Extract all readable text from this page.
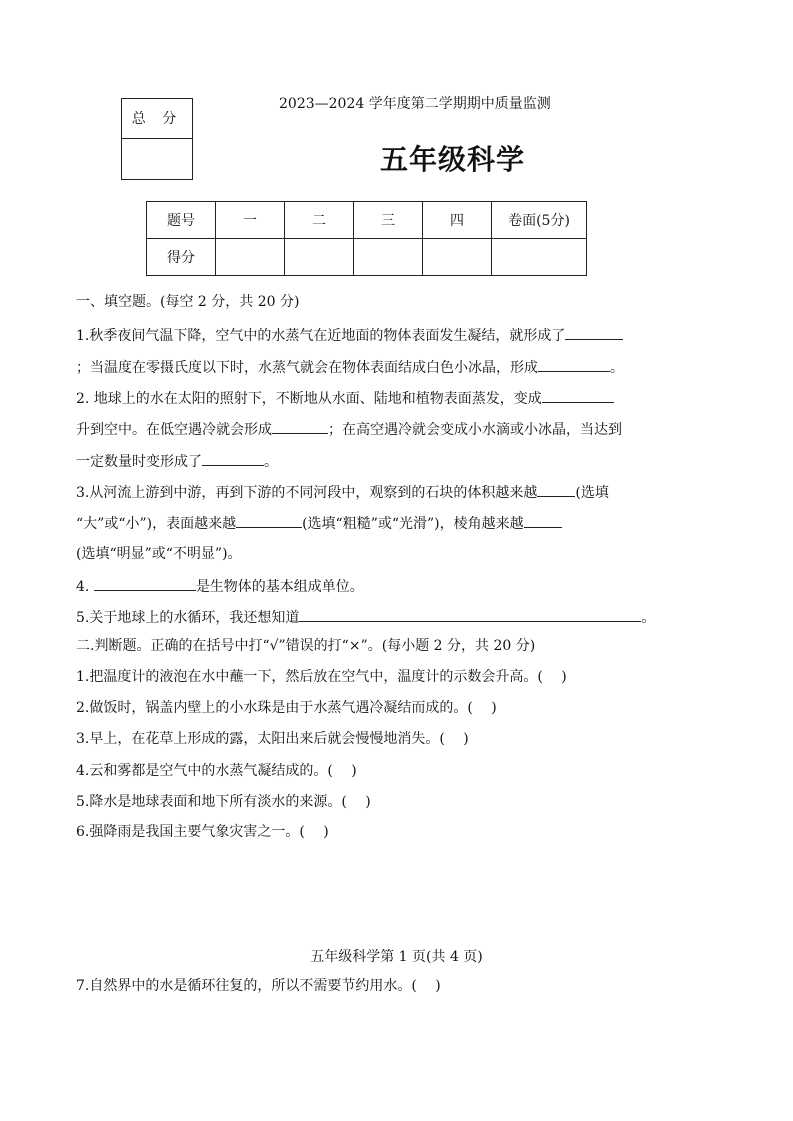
总 分
2023—2024 学年度第二学期期中质量监测
五年级科学
题号	一	二	三	四	卷面(5分)
得分					
一、填空题。(每空 2 分，共 20 分)
1.秋季夜间气温下降，空气中的水蒸气在近地面的物体表面发生凝结，就形成了
；当温度在零摄氏度以下时，水蒸气就会在物体表面结成白色小冰晶，形成	。
2. 地球上的水在太阳的照射下，不断地从水面、陆地和植物表面蒸发，变成
升到空中。在低空遇冷就会形成	；在高空遇冷就会变成小水滴或小冰晶，当达到
一定数量时变形成了	。
3.从河流上游到中游，再到下游的不同河段中，观察到的石块的体积越来越	(选填
“大”或“小”)，表面越来越	(选填“粗糙”或“光滑”)，棱角越来越
(选填“明显”或“不明显”)。
4.	是生物体的基本组成单位。
5.关于地球上的水循环，我还想知道	。
二.判断题。正确的在括号中打“√”错误的打“×”。(每小题 2 分，共 20 分)
1.把温度计的液泡在水中蘸一下，然后放在空气中，温度计的示数会升高。(　 )
2.做饭时，锅盖内壁上的小水珠是由于水蒸气遇冷凝结而成的。(　 )
3.早上，在花草上形成的露，太阳出来后就会慢慢地消失。(　 )
4.云和雾都是空气中的水蒸气凝结成的。(　 )
5.降水是地球表面和地下所有淡水的来源。(　 )
6.强降雨是我国主要气象灾害之一。(　 )
五年级科学第 1 页(共 4 页)
7.自然界中的水是循环往复的，所以不需要节约用水。(　 )
